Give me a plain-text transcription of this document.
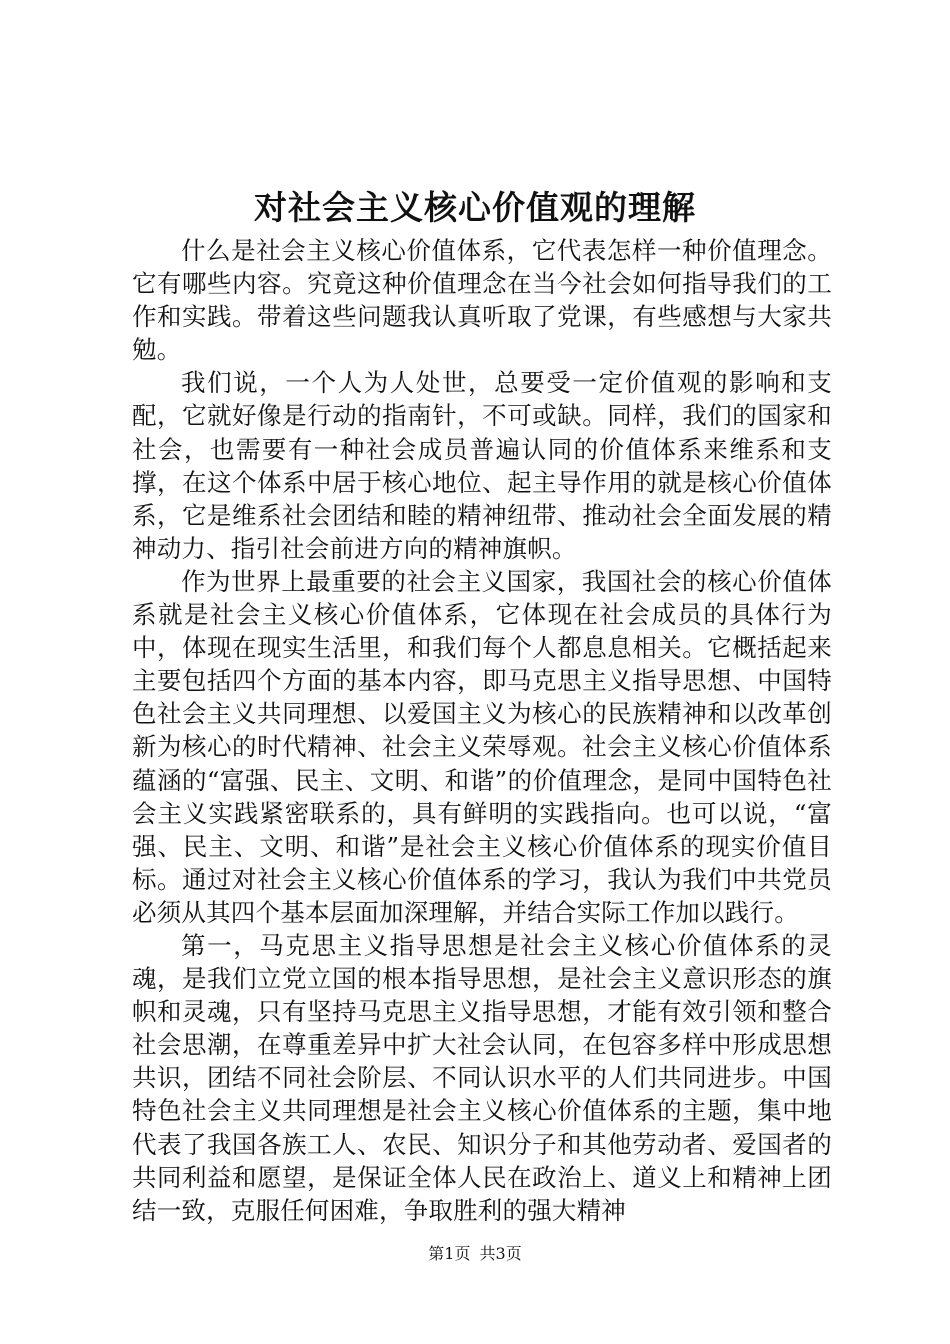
对社会主义核心价值观的理解

什么是社会主义核心价值体系，它代表怎样一种价值理念。它有哪些内容。究竟这种价值理念在当今社会如何指导我们的工作和实践。带着这些问题我认真听取了党课，有些感想与大家共勉。

我们说，一个人为人处世，总要受一定价值观的影响和支配，它就好像是行动的指南针，不可或缺。同样，我们的国家和社会，也需要有一种社会成员普遍认同的价值体系来维系和支撑，在这个体系中居于核心地位、起主导作用的就是核心价值体系，它是维系社会团结和睦的精神纽带、推动社会全面发展的精神动力、指引社会前进方向的精神旗帜。

作为世界上最重要的社会主义国家，我国社会的核心价值体系就是社会主义核心价值体系，它体现在社会成员的具体行为中，体现在现实生活里，和我们每个人都息息相关。它概括起来主要包括四个方面的基本内容，即马克思主义指导思想、中国特色社会主义共同理想、以爱国主义为核心的民族精神和以改革创新为核心的时代精神、社会主义荣辱观。社会主义核心价值体系蕴涵的“富强、民主、文明、和谐”的价值理念，是同中国特色社会主义实践紧密联系的，具有鲜明的实践指向。也可以说，“富强、民主、文明、和谐”是社会主义核心价值体系的现实价值目标。通过对社会主义核心价值体系的学习，我认为我们中共党员必须从其四个基本层面加深理解，并结合实际工作加以践行。

第一，马克思主义指导思想是社会主义核心价值体系的灵魂，是我们立党立国的根本指导思想，是社会主义意识形态的旗帜和灵魂，只有坚持马克思主义指导思想，才能有效引领和整合社会思潮，在尊重差异中扩大社会认同，在包容多样中形成思想共识，团结不同社会阶层、不同认识水平的人们共同进步。中国特色社会主义共同理想是社会主义核心价值体系的主题，集中地代表了我国各族工人、农民、知识分子和其他劳动者、爱国者的共同利益和愿望，是保证全体人民在政治上、道义上和精神上团结一致，克服任何困难，争取胜利的强大精神

第1页 共3页
